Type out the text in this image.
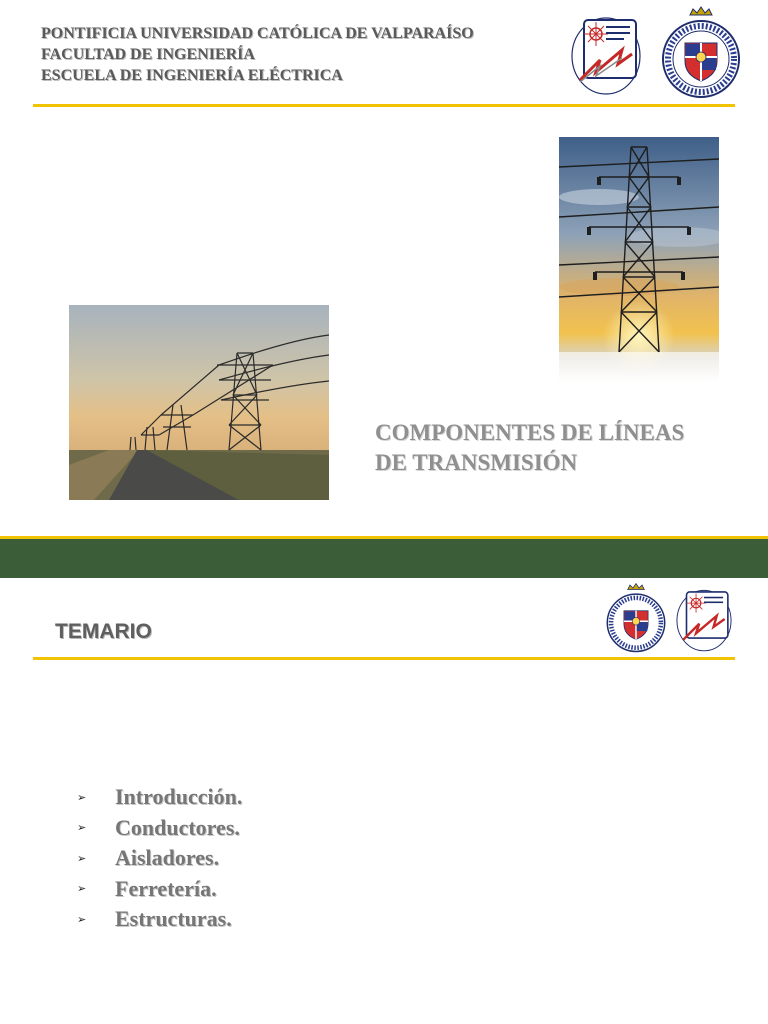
PONTIFICIA UNIVERSIDAD CATÓLICA DE VALPARAÍSO
FACULTAD DE INGENIERÍA
ESCUELA DE INGENIERÍA ELÉCTRICA
COMPONENTES DE LÍNEAS
DE TRANSMISIÓN
TEMARIO
➢	Introducción.
➢	Conductores.
➢	Aisladores.
➢	Ferretería.
➢	Estructuras.
